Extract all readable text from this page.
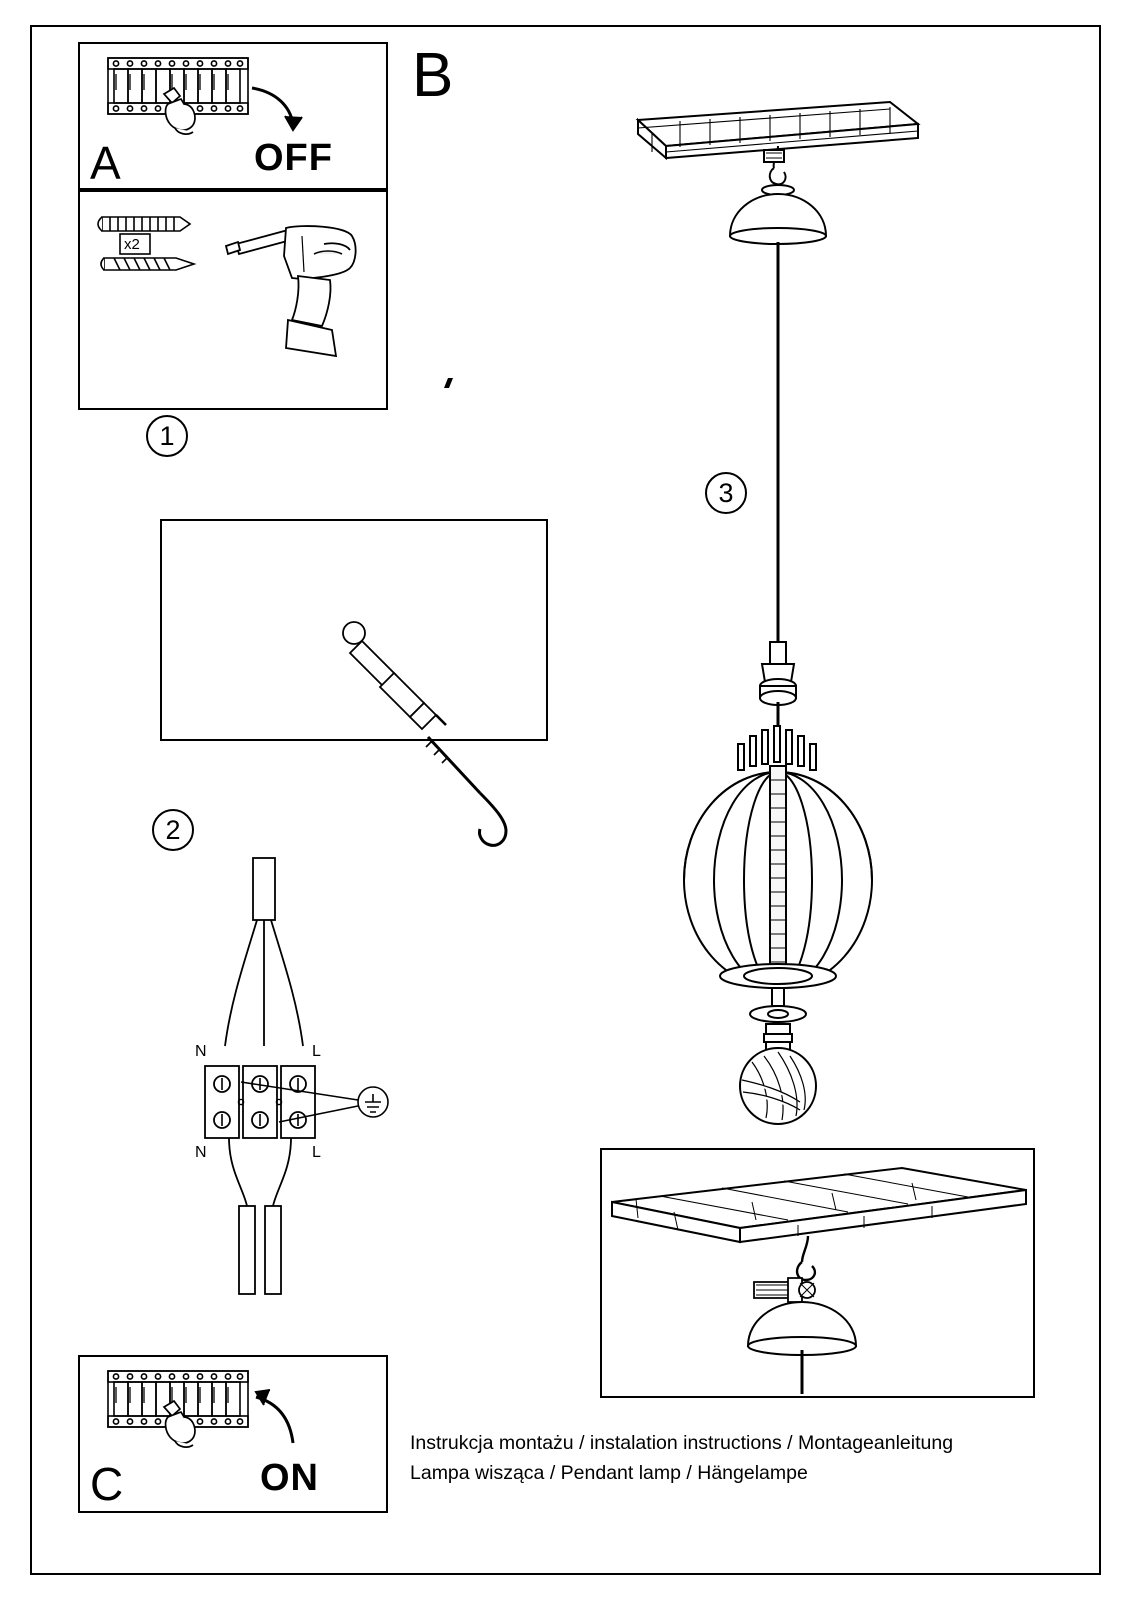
A	OFF
x2
1
2
N	L
N	L
C	ON
B
3
Instrukcja montażu / instalation instructions / Montageanleitung
Lampa wisząca / Pendant lamp / Hängelampe
